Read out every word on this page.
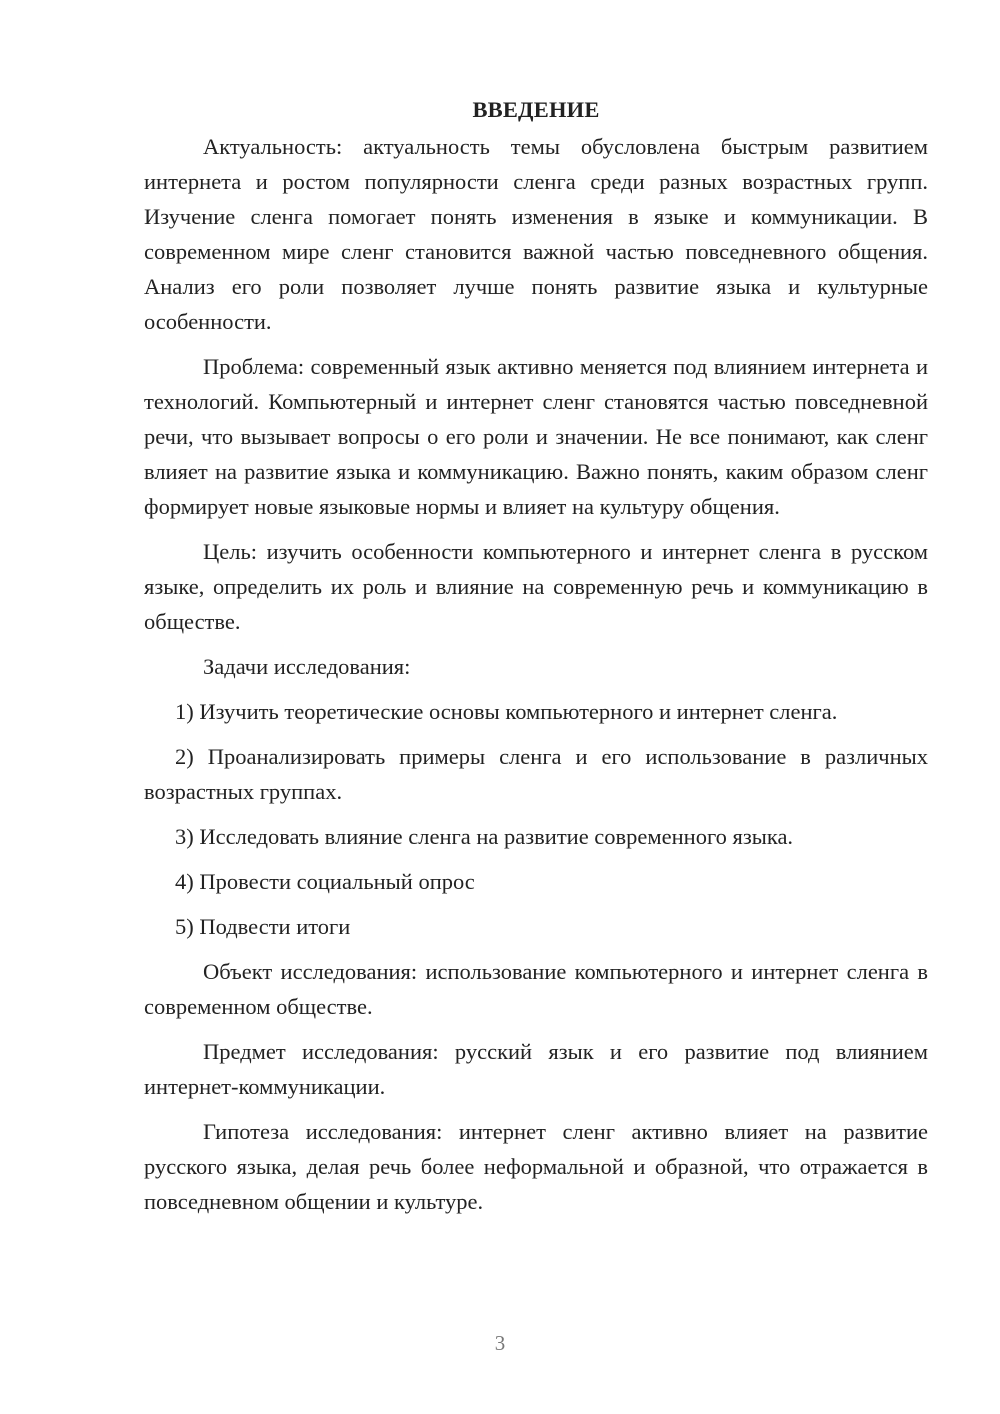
ВВЕДЕНИЕ

Актуальность: актуальность темы обусловлена быстрым развитием интернета и ростом популярности сленга среди разных возрастных групп. Изучение сленга помогает понять изменения в языке и коммуникации. В современном мире сленг становится важной частью повседневного общения. Анализ его роли позволяет лучше понять развитие языка и культурные особенности.

Проблема: современный язык активно меняется под влиянием интернета и технологий. Компьютерный и интернет сленг становятся частью повседневной речи, что вызывает вопросы о его роли и значении. Не все понимают, как сленг влияет на развитие языка и коммуникацию. Важно понять, каким образом сленг формирует новые языковые нормы и влияет на культуру общения.

Цель: изучить особенности компьютерного и интернет сленга в русском языке, определить их роль и влияние на современную речь и коммуникацию в обществе.

Задачи исследования:

1) Изучить теоретические основы компьютерного и интернет сленга.

2) Проанализировать примеры сленга и его использование в различных возрастных группах.

3) Исследовать влияние сленга на развитие современного языка.

4) Провести социальный опрос

5) Подвести итоги

Объект исследования: использование компьютерного и интернет сленга в современном обществе.

Предмет исследования: русский язык и его развитие под влиянием интернет-коммуникации.

Гипотеза исследования: интернет сленг активно влияет на развитие русского языка, делая речь более неформальной и образной, что отражается в повседневном общении и культуре.

3
